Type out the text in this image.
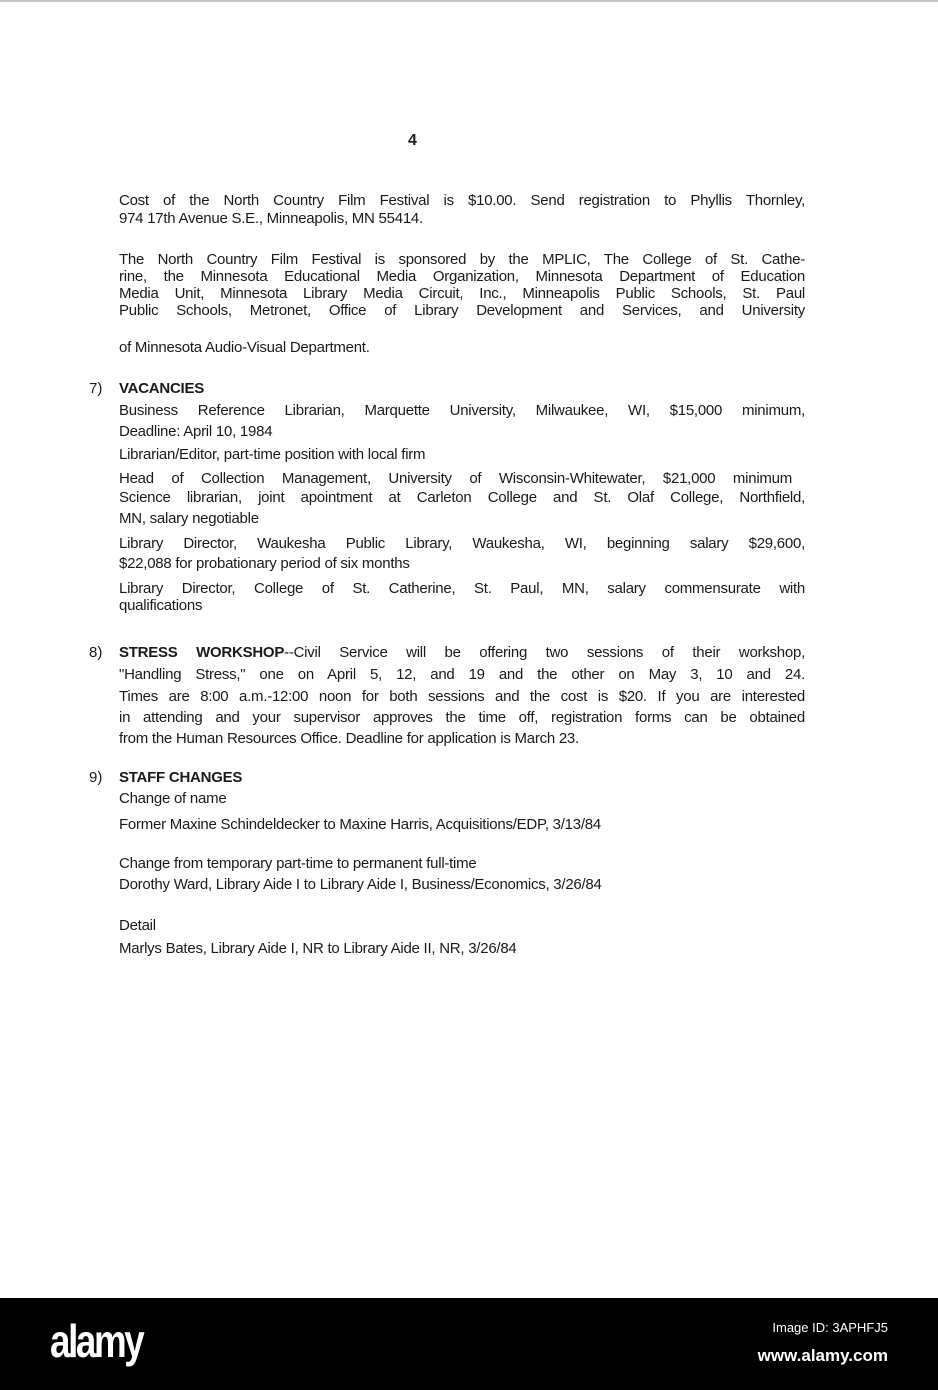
4
Cost of the North Country Film Festival is $10.00. Send registration to Phyllis Thornley,
974 17th Avenue S.E., Minneapolis, MN 55414.
The North Country Film Festival is sponsored by the MPLIC, The College of St. Cathe-
rine, the Minnesota Educational Media Organization, Minnesota Department of Education
Media Unit, Minnesota Library Media Circuit, Inc., Minneapolis Public Schools, St. Paul
Public Schools, Metronet, Office of Library Development and Services, and University
of Minnesota Audio-Visual Department.
7) VACANCIES
Business Reference Librarian, Marquette University, Milwaukee, WI, $15,000 minimum,
Deadline: April 10, 1984
Librarian/Editor, part-time position with local firm
Head of Collection Management, University of Wisconsin-Whitewater, $21,000 minimum
Science librarian, joint apointment at Carleton College and St. Olaf College, Northfield,
MN, salary negotiable
Library Director, Waukesha Public Library, Waukesha, WI, beginning salary $29,600,
$22,088 for probationary period of six months
Library Director, College of St. Catherine, St. Paul, MN, salary commensurate with
qualifications
8) STRESS WORKSHOP--Civil Service will be offering two sessions of their workshop,
"Handling Stress," one on April 5, 12, and 19 and the other on May 3, 10 and 24.
Times are 8:00 a.m.-12:00 noon for both sessions and the cost is $20. If you are interested
in attending and your supervisor approves the time off, registration forms can be obtained
from the Human Resources Office. Deadline for application is March 23.
9) STAFF CHANGES
Change of name
Former Maxine Schindeldecker to Maxine Harris, Acquisitions/EDP, 3/13/84
Change from temporary part-time to permanent full-time
Dorothy Ward, Library Aide I to Library Aide I, Business/Economics, 3/26/84
Detail
Marlys Bates, Library Aide I, NR to Library Aide II, NR, 3/26/84
alamy	Image ID: 3APHFJ5
www.alamy.com
